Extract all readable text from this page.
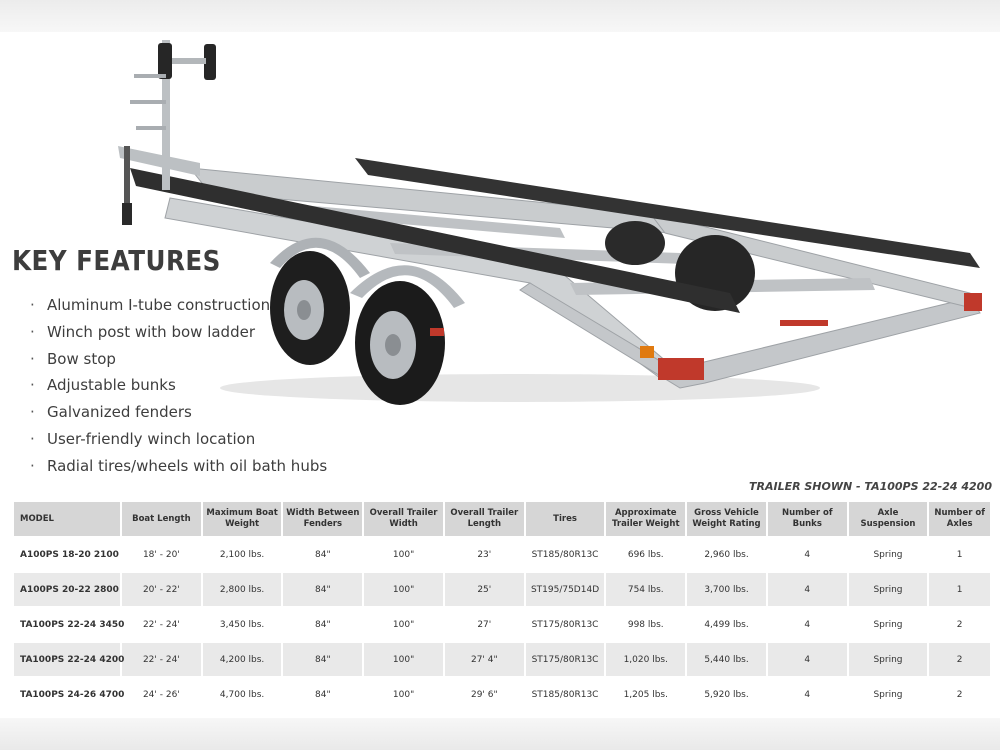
KEY FEATURES
· Aluminum I-tube construction
· Winch post with bow ladder
· Bow stop
· Adjustable bunks
· Galvanized fenders
· User-friendly winch location
· Radial tires/wheels with oil bath hubs
TRAILER SHOWN - TA100PS 22-24 4200
MODEL	Boat Length	Maximum Boat Weight	Width Between Fenders	Overall Trailer Width	Overall Trailer Length	Tires	Approximate Trailer Weight	Gross Vehicle Weight Rating	Number of Bunks	Axle Suspension	Number of Axles
A100PS 18-20 2100	18' - 20'	2,100 lbs.	84"	100"	23'	ST185/80R13C	696 lbs.	2,960 lbs.	4	Spring	1
A100PS 20-22 2800	20' - 22'	2,800 lbs.	84"	100"	25'	ST195/75D14D	754 lbs.	3,700 lbs.	4	Spring	1
TA100PS 22-24 3450	22' - 24'	3,450 lbs.	84"	100"	27'	ST175/80R13C	998 lbs.	4,499 lbs.	4	Spring	2
TA100PS 22-24 4200	22' - 24'	4,200 lbs.	84"	100"	27' 4"	ST175/80R13C	1,020 lbs.	5,440 lbs.	4	Spring	2
TA100PS 24-26 4700	24' - 26'	4,700 lbs.	84"	100"	29' 6"	ST185/80R13C	1,205 lbs.	5,920 lbs.	4	Spring	2
